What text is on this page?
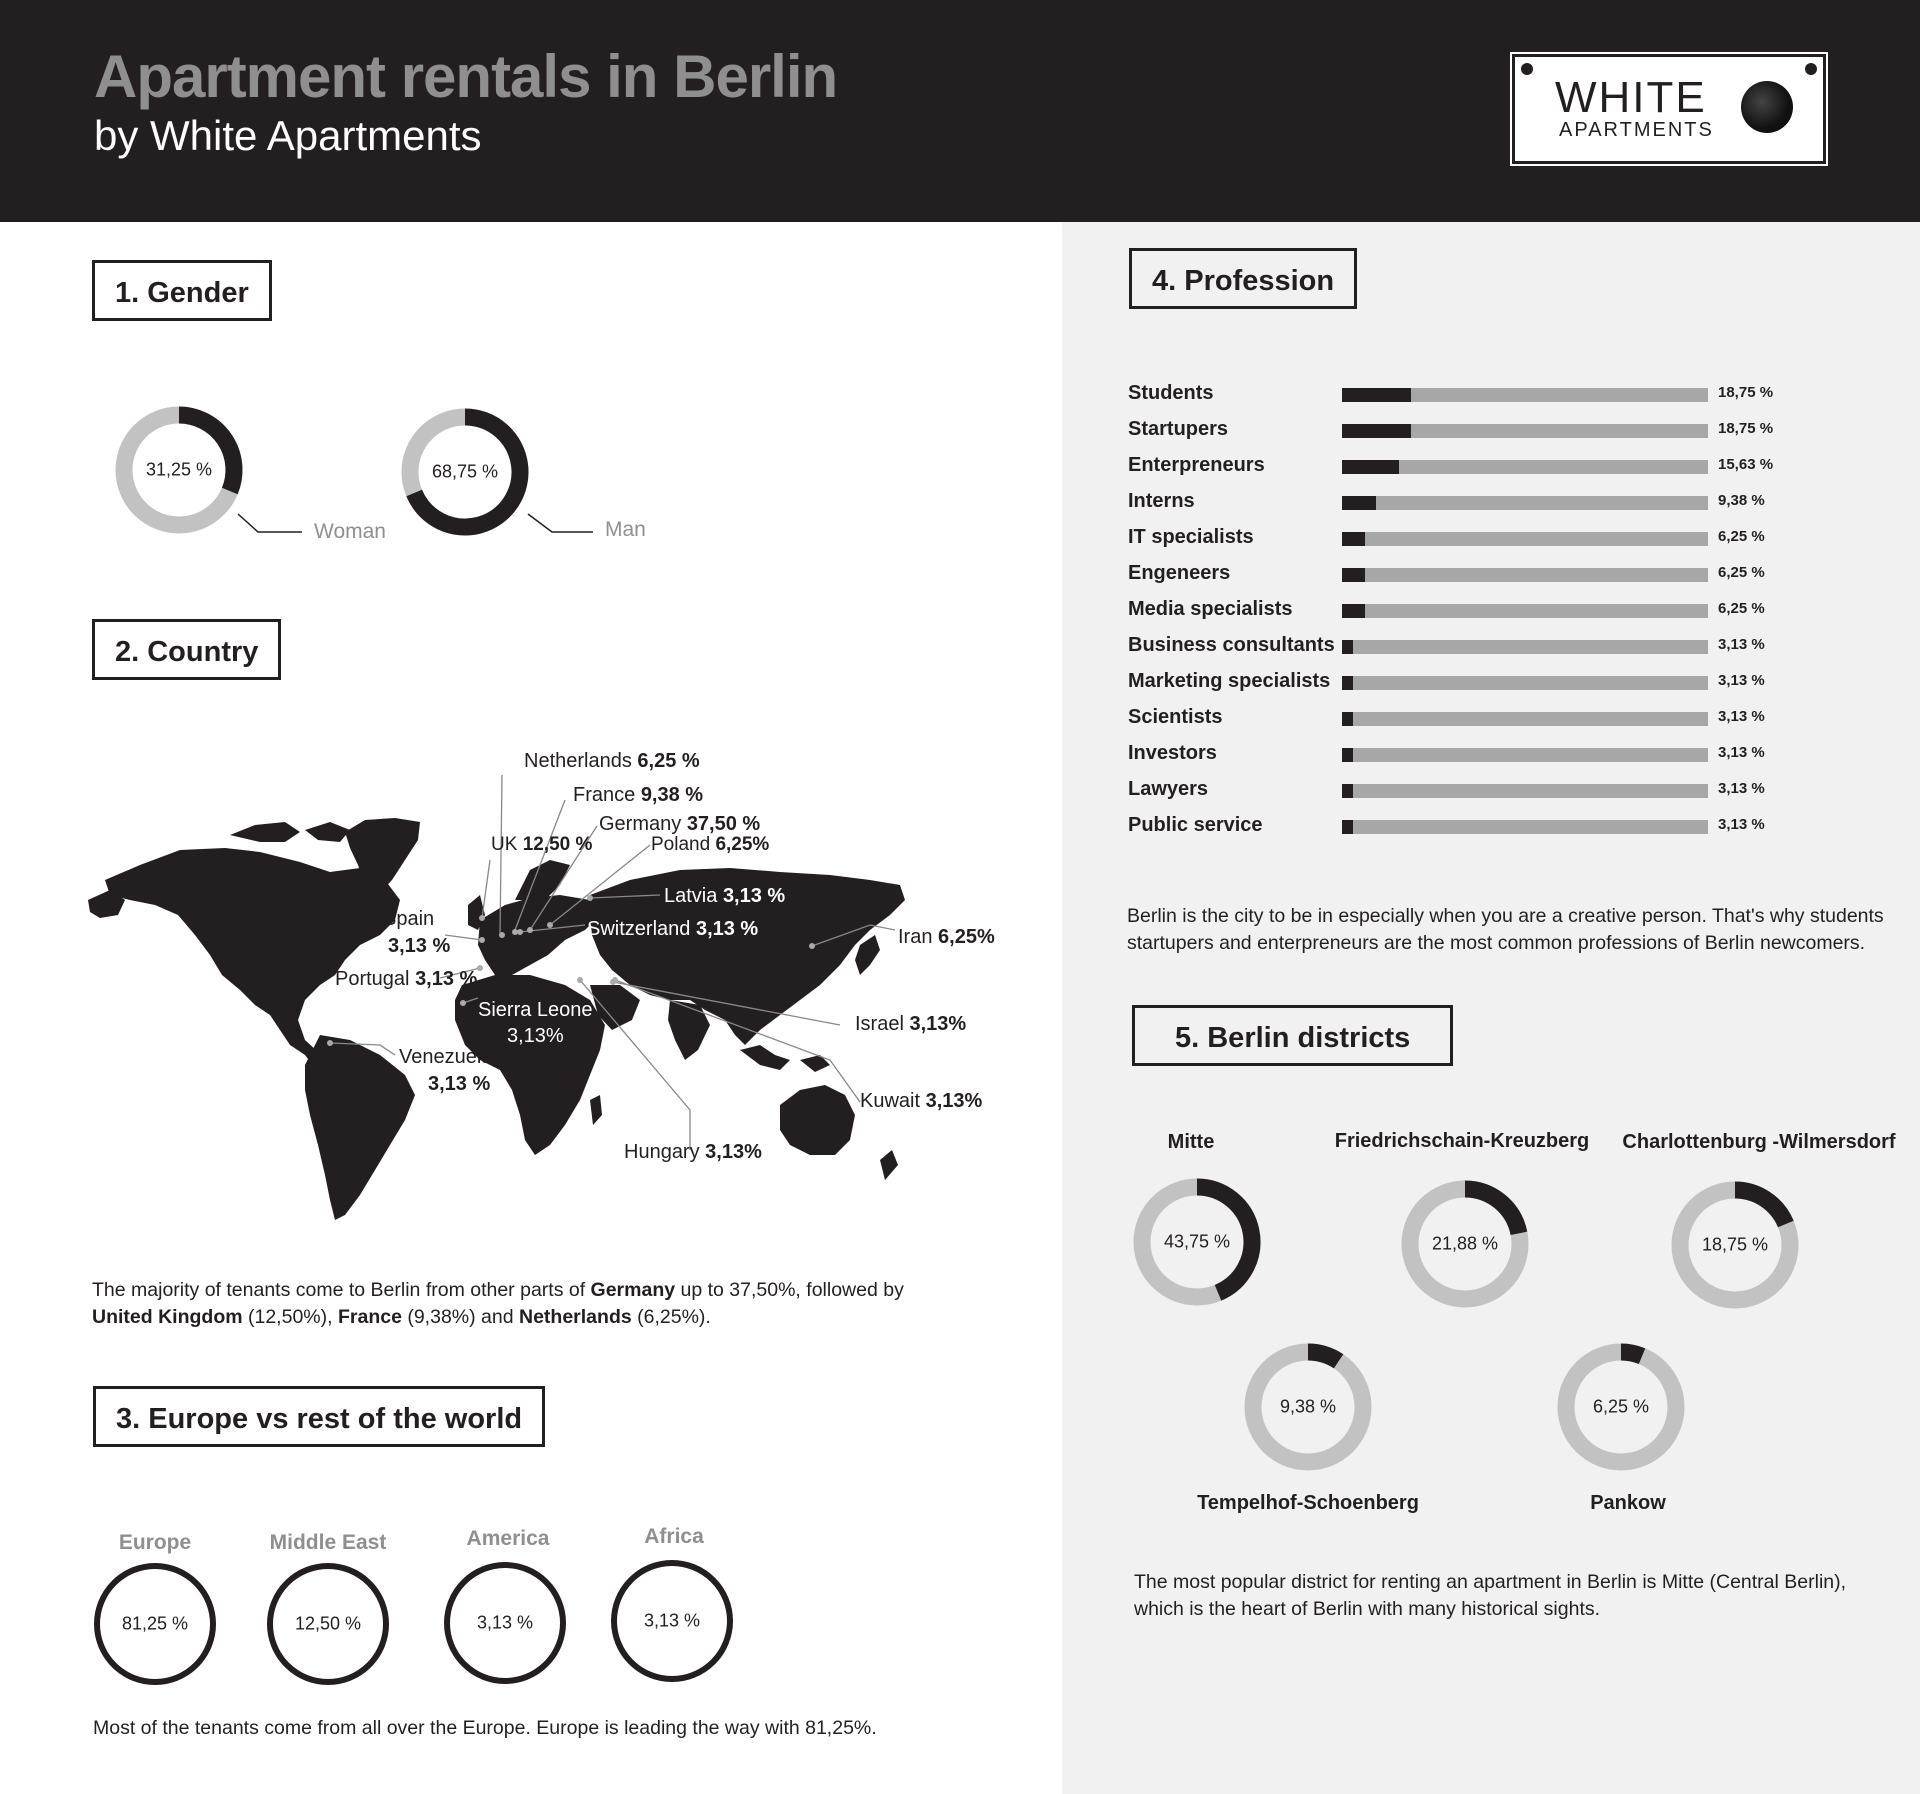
Apartment rentals in Berlin
by White Apartments
WHITE
APARTMENTS
1. Gender
31,25 %	68,75 %
Woman	Man
2. Country
Netherlands 6,25 %
France 9,38 %
Germany 37,50 %
UK 12,50 %	Poland 6,25%
Latvia 3,13 %
Spain
3,13 %
Switzerland 3,13 %	Iran 6,25%
Portugal 3,13 %
Sierra Leone
3,13%
Israel 3,13%
Venezuela
3,13 %
Kuwait 3,13%
Hungary 3,13%
The majority of tenants come to Berlin from other parts of Germany up to 37,50%, followed by
United Kingdom (12,50%), France (9,38%) and Netherlands (6,25%).
3. Europe vs rest of the world
Europe	Middle East	America	Africa
81,25 %	12,50 %	3,13 %	3,13 %
Most of the tenants come from all over the Europe. Europe is leading the way with 81,25%.
4. Profession
Students	18,75 %
Startupers	18,75 %
Enterpreneurs	15,63 %
Interns	9,38 %
IT specialists	6,25 %
Engeneers	6,25 %
Media specialists	6,25 %
Business consultants	3,13 %
Marketing specialists	3,13 %
Scientists	3,13 %
Investors	3,13 %
Lawyers	3,13 %
Public service	3,13 %
Berlin is the city to be in especially when you are a creative person. That's why students
startupers and enterpreneurs are the most common professions of Berlin newcomers.
5. Berlin districts
Mitte	Friedrichschain-Kreuzberg Charlottenburg -Wilmersdorf
Tempelhof-Schoenberg	Pankow
43,75 %	21,88 %	18,75 %
9,38 %	6,25 %
The most popular district for renting an apartment in Berlin is Mitte (Central Berlin),
which is the heart of Berlin with many historical sights.
